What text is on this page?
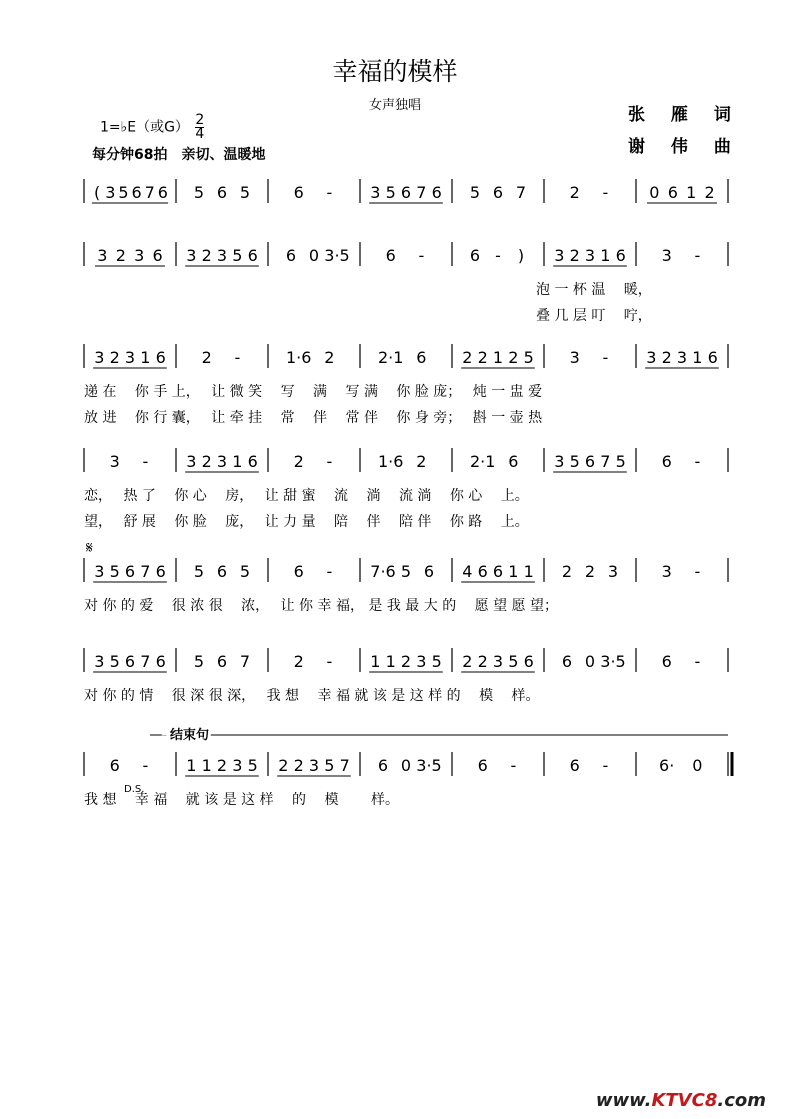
幸福的模样
女声独唱	张 雁 词
谢 伟 曲
1=♭E（或$G) \frac{2}{4}$
每分钟68拍　亲切、温暖地
𝄋
D.S.
www.KTVC8.com
( 3 5 6 7 6 5 6 5	6 - 3 5 6 7 6 5 6 7	2 -	0 6 1 2
3 2 3 6 3 2 3 5 6 6 0 3·5 6 -	6 - ) 3 2 3 1 6 3 -
泡 一 杯 温　 暖，
叠 几 层 叮　 咛，
3 2 3 1 6 2 -	1·6 2	2·1 6 2 2 1 2 5 3 - 3 2 3 1 6
递 在　 你 手 上，　 让 微 笑　 写　 满　 写 满　 你 脸 庞；　 炖 一 盅 爱
放 进　 你 行 囊，　 让 牵 挂　 常　 伴　 常 伴　 你 身 旁；　 斟 一 壶 热
3 - 3 2 3 1 6 2 -	1·6 2	2·1 6 3 5 6 7 5 6 -
恋，　 热 了　 你 心　 房，　 让 甜 蜜　 流　 淌　 流 淌　 你 心　 上。
望，　 舒 展　 你 脸　 庞，　 让 力 量　 陪　 伴　 陪 伴　 你 路　 上。
3 5 6 7 6 5 6 5	6 - 7·6 5 6 4 6 6 1 1 2 2 3	3 -
对 你 的 爱　 很 浓 很　 浓，　 让 你 幸 福， 是 我 最 大 的　 愿 望 愿 望；
3 5 6 7 6 5 6 7	2 - 1 1 2 3 5 2 2 3 5 6 6 0 3·5 6 -
对 你 的 情　 很 深 很 深，　 我 想　 幸 福 就 该 是 这 样 的　 模　 样。
6 - 1 1 2 3 5 2 2 3 5 7 6 0 3·5 6 -	6 -	6· 0
我 想　 幸 福　 就 该 是 这 样　 的　 模　　 样。
结束句
